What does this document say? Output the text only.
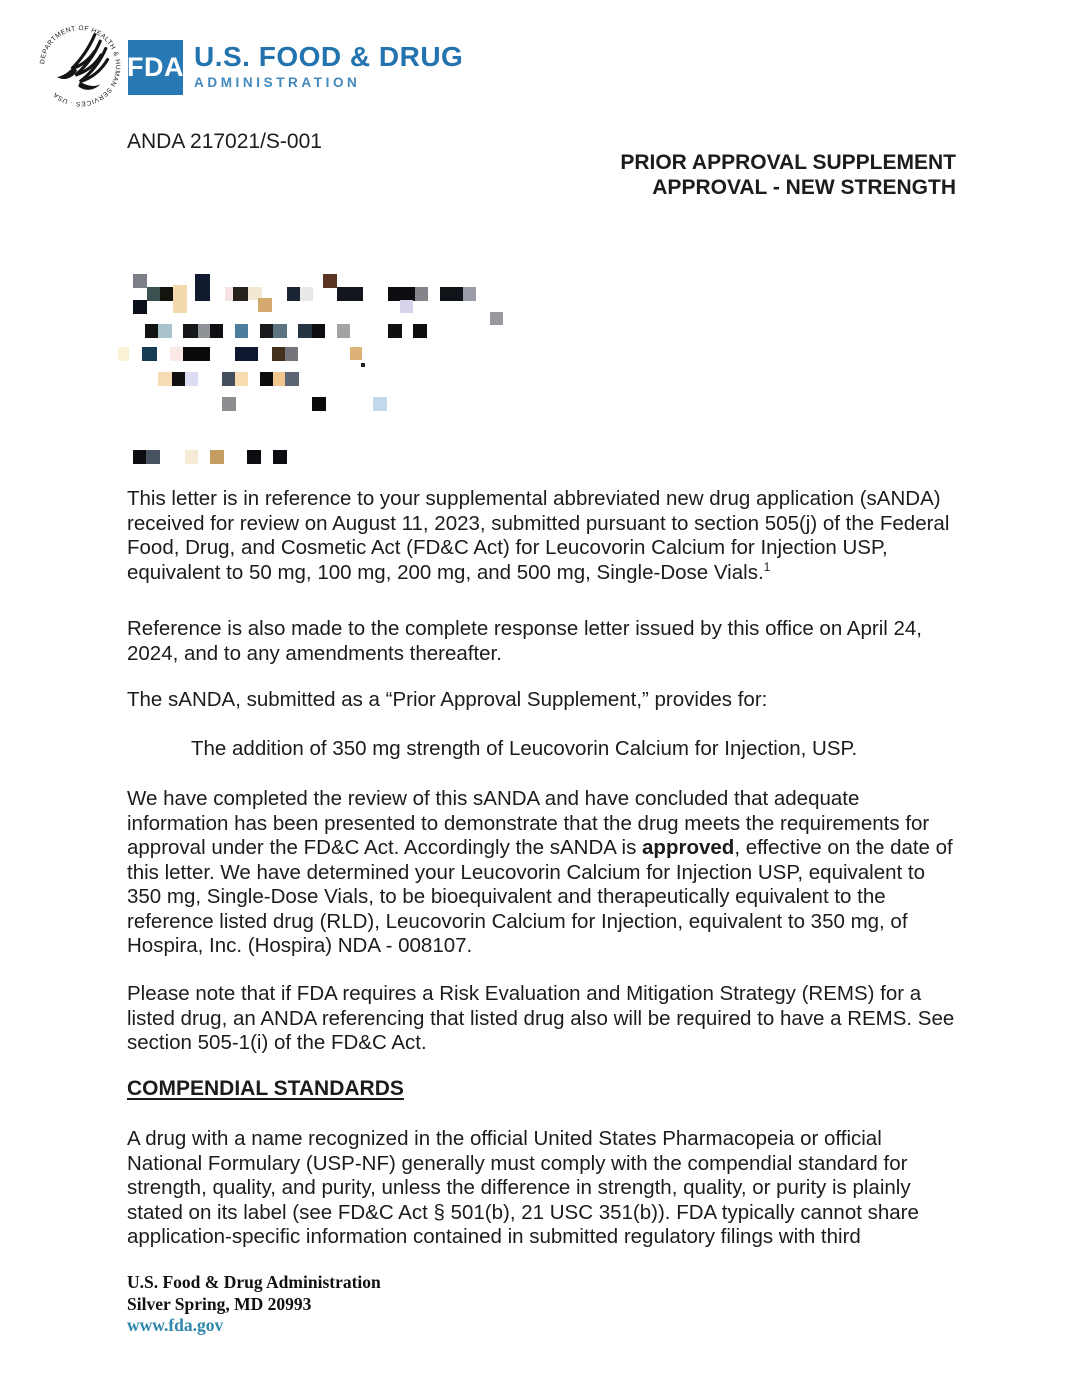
DEPARTMENT OF HEALTH & HUMAN SERVICES · USA
FDA U.S. FOOD & DRUG
ADMINISTRATION
ANDA 217021/S-001
PRIOR APPROVAL SUPPLEMENT
APPROVAL - NEW STRENGTH
This letter is in reference to your supplemental abbreviated new drug application (sANDA) received for review on August 11, 2023, submitted pursuant to section 505(j) of the Federal Food, Drug, and Cosmetic Act (FD&C Act) for Leucovorin Calcium for Injection USP, equivalent to 50 mg, 100 mg, 200 mg, and 500 mg, Single-Dose Vials.$^1$
Reference is also made to the complete response letter issued by this office on April 24, 2024, and to any amendments thereafter.
The sANDA, submitted as a “Prior Approval Supplement,” provides for:
The addition of 350 mg strength of Leucovorin Calcium for Injection, USP.
We have completed the review of this sANDA and have concluded that adequate information has been presented to demonstrate that the drug meets the requirements for approval under the FD&C Act. Accordingly the sANDA is approved, effective on the date of this letter. We have determined your Leucovorin Calcium for Injection USP, equivalent to 350 mg, Single-Dose Vials, to be bioequivalent and therapeutically equivalent to the reference listed drug (RLD), Leucovorin Calcium for Injection, equivalent to 350 mg, of Hospira, Inc. (Hospira) NDA - 008107.
Please note that if FDA requires a Risk Evaluation and Mitigation Strategy (REMS) for a listed drug, an ANDA referencing that listed drug also will be required to have a REMS. See section 505-1(i) of the FD&C Act.
COMPENDIAL STANDARDS
A drug with a name recognized in the official United States Pharmacopeia or official National Formulary (USP-NF) generally must comply with the compendial standard for strength, quality, and purity, unless the difference in strength, quality, or purity is plainly stated on its label (see FD&C Act § 501(b), 21 USC 351(b)). FDA typically cannot share application-specific information contained in submitted regulatory filings with third
U.S. Food & Drug Administration
Silver Spring, MD 20993
www.fda.gov
